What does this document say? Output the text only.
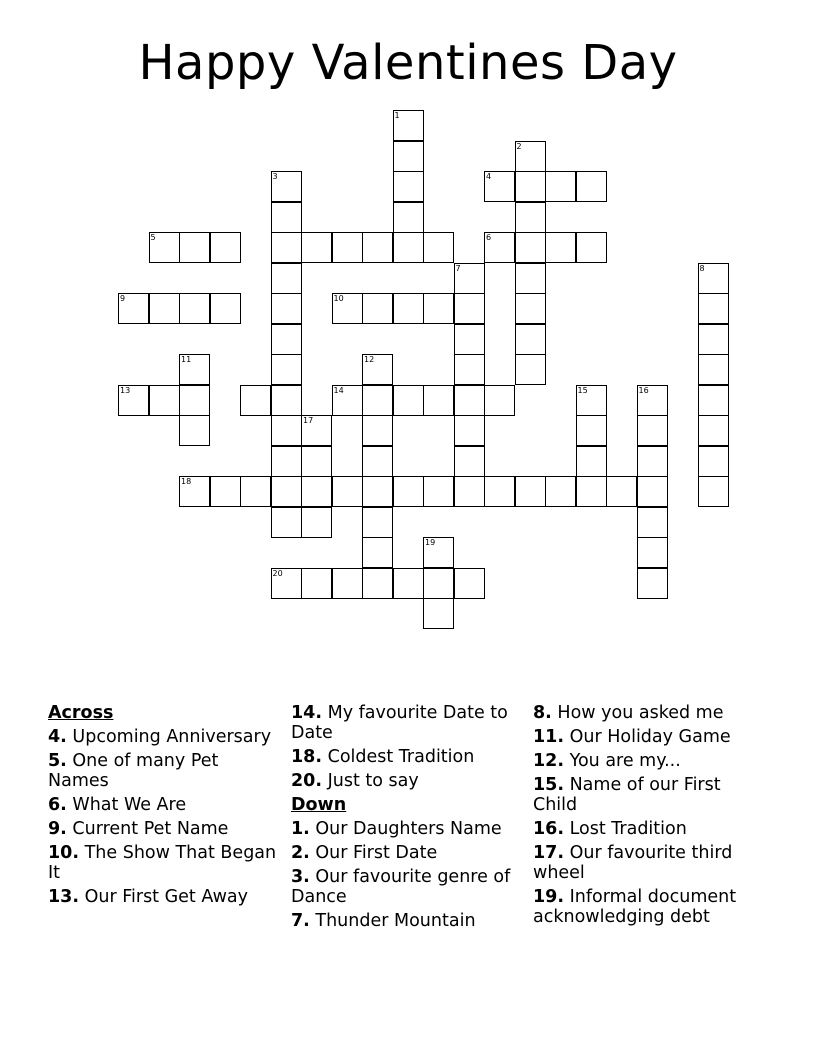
Happy Valentines Day
1
2
3	4
5	6
7	8
9	10
11	12
13	14	15	16
17
18
19
20
Across
4. Upcoming Anniversary
5. One of many Pet Names
6. What We Are
9. Current Pet Name
10. The Show That Began It
13. Our First Get Away
14. My favourite Date to Date
18. Coldest Tradition
20. Just to say
Down
1. Our Daughters Name
2. Our First Date
3. Our favourite genre of Dance
7. Thunder Mountain
8. How you asked me
11. Our Holiday Game
12. You are my...
15. Name of our First Child
16. Lost Tradition
17. Our favourite third wheel
19. Informal document acknowledging debt
